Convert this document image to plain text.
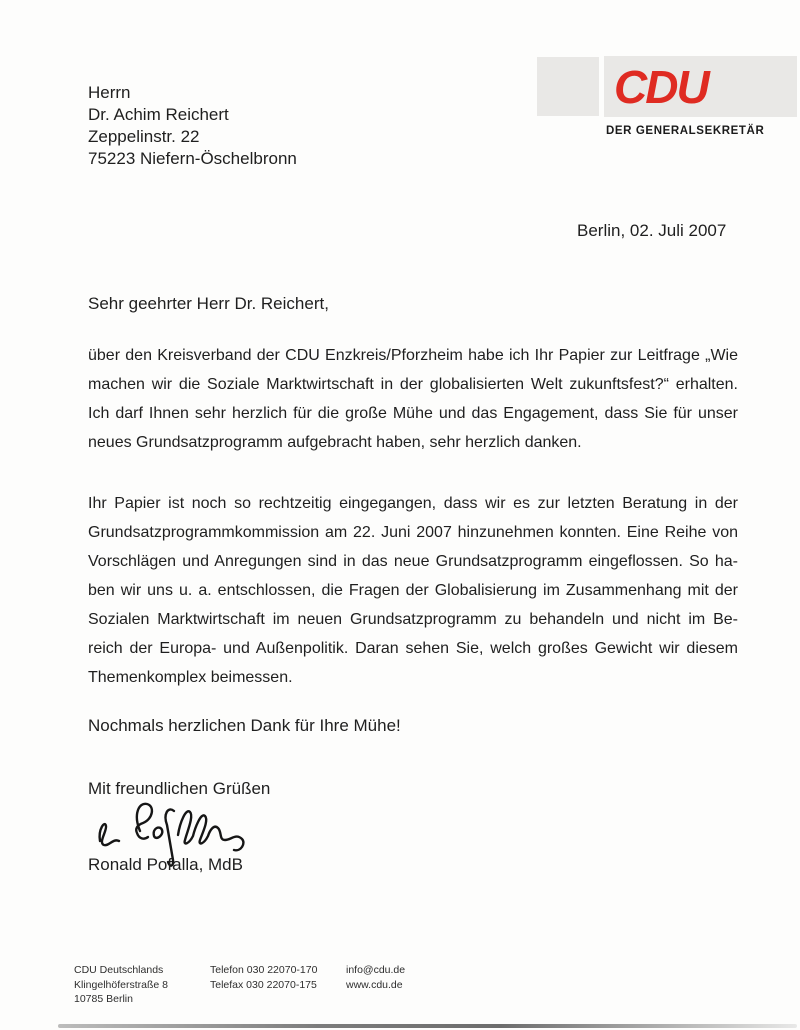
CDU
DER GENERALSEKRETÄR
Herrn
Dr. Achim Reichert
Zeppelinstr. 22
75223 Niefern-Öschelbronn
Berlin, 02. Juli 2007
Sehr geehrter Herr Dr. Reichert,
über den Kreisverband der CDU Enzkreis/Pforzheim habe ich Ihr Papier zur Leitfrage „Wie
machen wir die Soziale Marktwirtschaft in der globalisierten Welt zukunftsfest?“ erhalten.
Ich darf Ihnen sehr herzlich für die große Mühe und das Engagement, dass Sie für unser
neues Grundsatzprogramm aufgebracht haben, sehr herzlich danken.
Ihr Papier ist noch so rechtzeitig eingegangen, dass wir es zur letzten Beratung in der
Grundsatzprogrammkommission am 22. Juni 2007 hinzunehmen konnten. Eine Reihe von
Vorschlägen und Anregungen sind in das neue Grundsatzprogramm eingeflossen. So ha-
ben wir uns u. a. entschlossen, die Fragen der Globalisierung im Zusammenhang mit der
Sozialen Marktwirtschaft im neuen Grundsatzprogramm zu behandeln und nicht im Be-
reich der Europa- und Außenpolitik. Daran sehen Sie, welch großes Gewicht wir diesem
Themenkomplex beimessen.
Nochmals herzlichen Dank für Ihre Mühe!
Mit freundlichen Grüßen
Ronald Pofalla, MdB
CDU Deutschlands
Klingelhöferstraße 8
10785 Berlin
Telefon 030 22070-170
Telefax 030 22070-175
info@cdu.de
www.cdu.de
